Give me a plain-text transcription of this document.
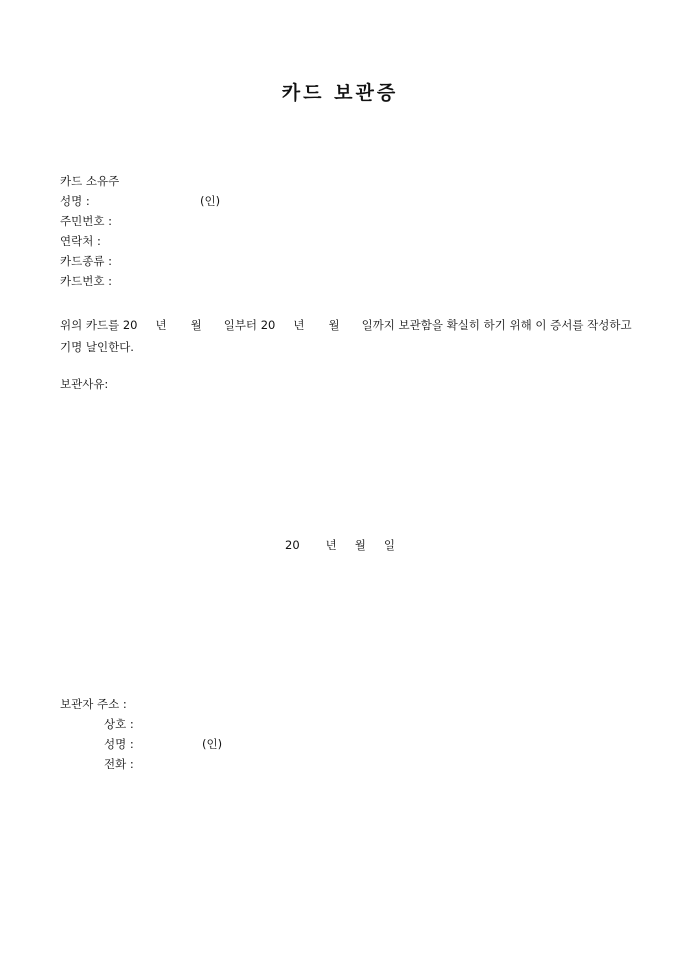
카드 보관증
카드 소유주
성명 :	(인)
주민번호 :
연락처 :
카드종류 :
카드번호 :
위의 카드를 20 년 월 일부터 20 년 월 일까지 보관함을 확실히 하기 위해 이 증서를 작성하고 기명 날인한다.
보관사유:
20 년 월 일
보관자 주소 :
상호 :
성명 :	(인)
전화 :
